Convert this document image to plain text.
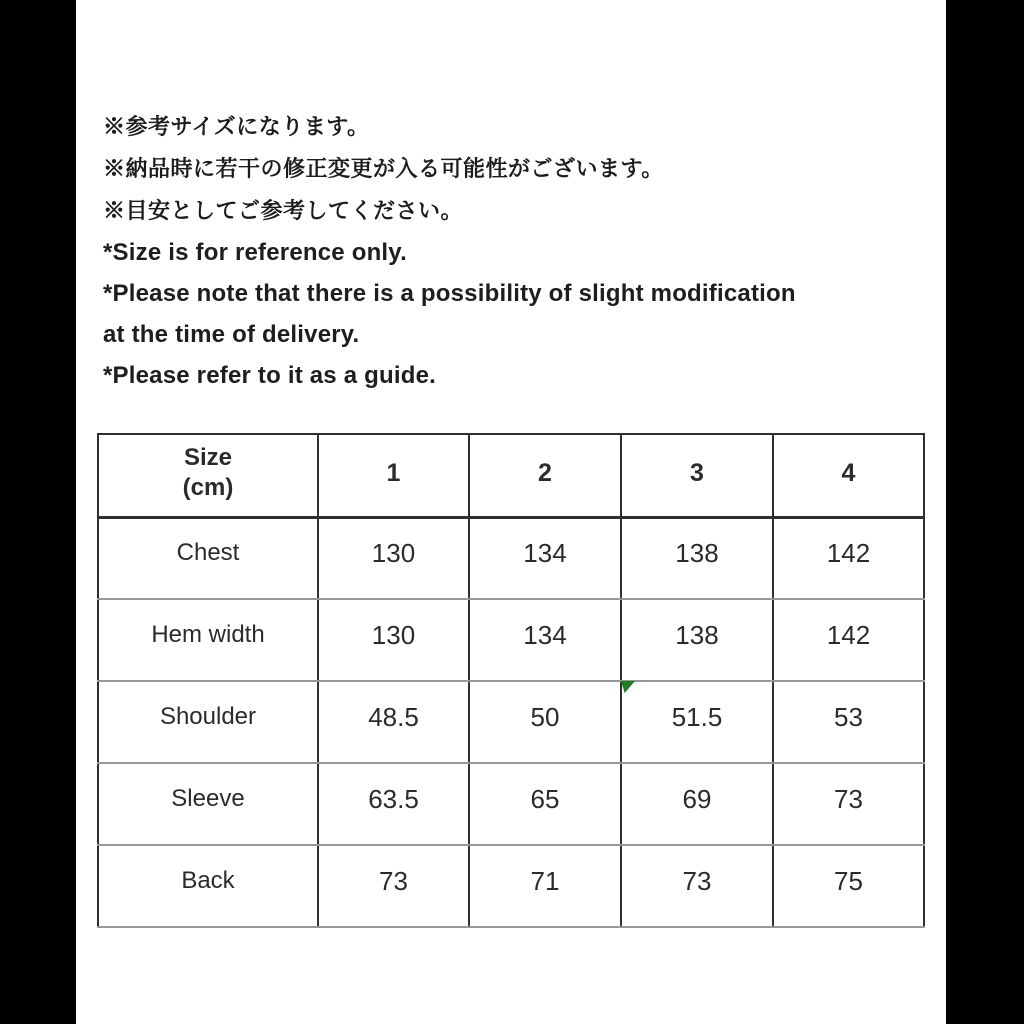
※参考サイズになります。
※納品時に若干の修正変更が入る可能性がございます。
※目安としてご参考してください。
*Size is for reference only.
*Please note that there is a possibility of slight modification
at the time of delivery.
*Please refer to it as a guide.
Size
(cm)	1	2	3	4
Chest	130	134	138	142
Hem width	130	134	138	142
Shoulder	48.5	50	51.5	53
Sleeve	63.5	65	69	73
Back	73	71	73	75
